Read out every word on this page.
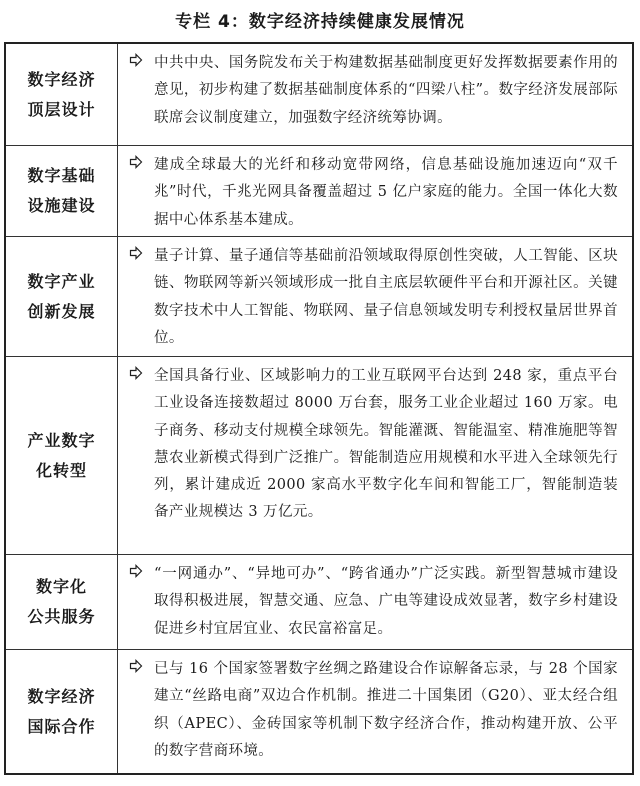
专栏 4：数字经济持续健康发展情况
数字经济
顶层设计
中共中央、国务院发布关于构建数据基础制度更好发挥数据要素作用的意见，初步构建了数据基础制度体系的“四梁八柱”。数字经济发展部际联席会议制度建立，加强数字经济统筹协调。
数字基础
设施建设
建成全球最大的光纤和移动宽带网络，信息基础设施加速迈向“双千兆”时代，千兆光网具备覆盖超过 5 亿户家庭的能力。全国一体化大数据中心体系基本建成。
数字产业
创新发展
量子计算、量子通信等基础前沿领域取得原创性突破，人工智能、区块链、物联网等新兴领域形成一批自主底层软硬件平台和开源社区。关键数字技术中人工智能、物联网、量子信息领域发明专利授权量居世界首位。
产业数字
化转型
全国具备行业、区域影响力的工业互联网平台达到 248 家，重点平台工业设备连接数超过 8000 万台套，服务工业企业超过 160 万家。电子商务、移动支付规模全球领先。智能灌溉、智能温室、精准施肥等智慧农业新模式得到广泛推广。智能制造应用规模和水平进入全球领先行列，累计建成近 2000 家高水平数字化车间和智能工厂，智能制造装备产业规模达 3 万亿元。
数字化
公共服务
“一网通办”、“异地可办”、“跨省通办”广泛实践。新型智慧城市建设取得积极进展，智慧交通、应急、广电等建设成效显著，数字乡村建设促进乡村宜居宜业、农民富裕富足。
数字经济
国际合作
已与 16 个国家签署数字丝绸之路建设合作谅解备忘录，与 28 个国家建立“丝路电商”双边合作机制。推进二十国集团（G20）、亚太经合组织（APEC）、金砖国家等机制下数字经济合作，推动构建开放、公平的数字营商环境。
